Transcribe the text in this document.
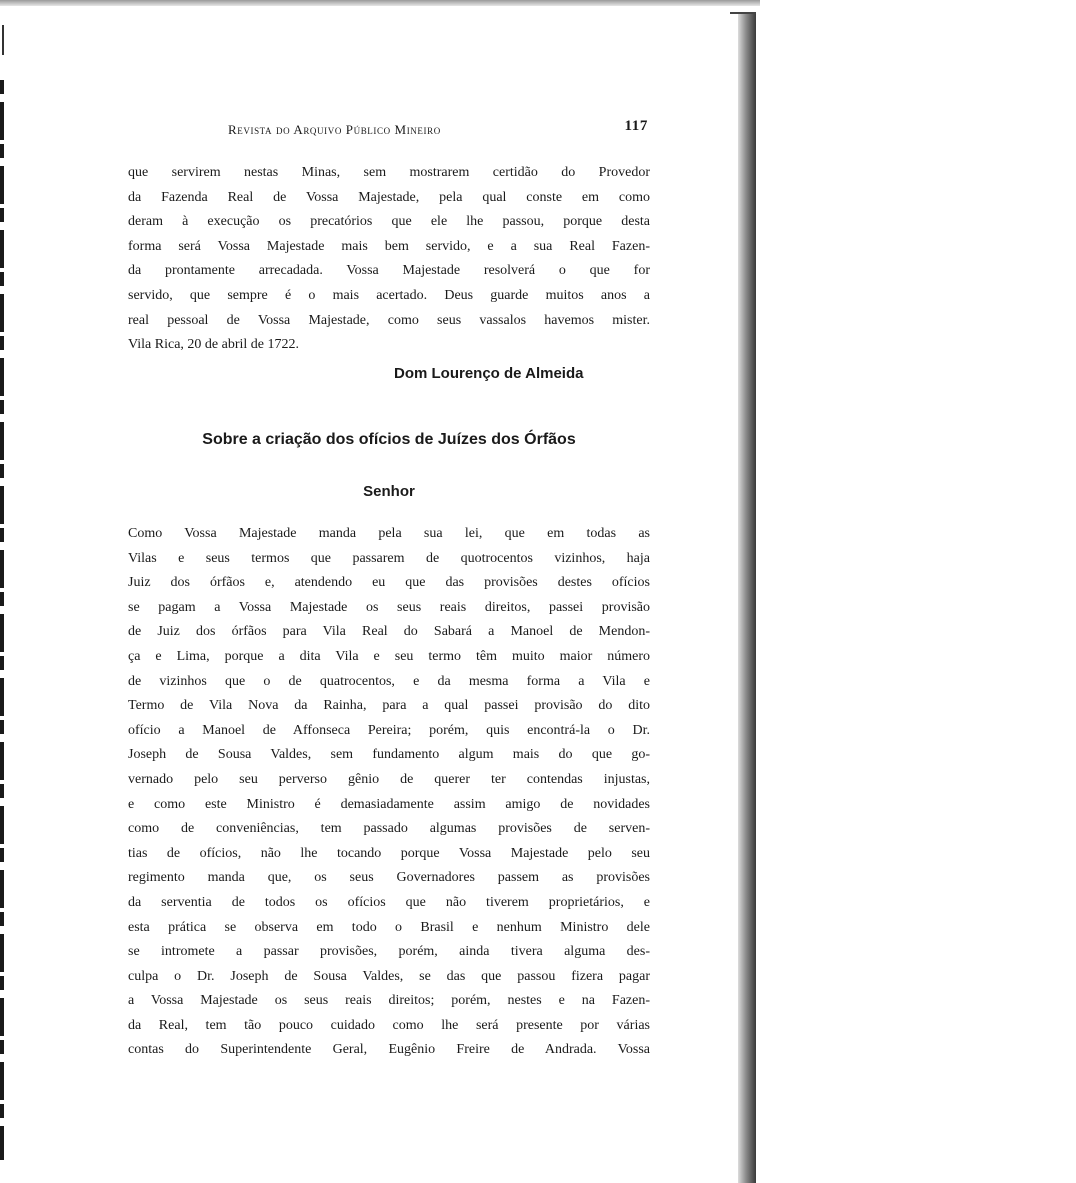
Revista do Arquivo Público Mineiro	117
que servirem nestas Minas, sem mostrarem certidão do Provedor
da Fazenda Real de Vossa Majestade, pela qual conste em como
deram à execução os precatórios que ele lhe passou, porque desta
forma será Vossa Majestade mais bem servido, e a sua Real Fazen-
da prontamente arrecadada. Vossa Majestade resolverá o que for
servido, que sempre é o mais acertado. Deus guarde muitos anos a
real pessoal de Vossa Majestade, como seus vassalos havemos mister.
Vila Rica, 20 de abril de 1722.
Dom Lourenço de Almeida
Sobre a criação dos ofícios de Juízes dos Órfãos
Senhor
Como Vossa Majestade manda pela sua lei, que em todas as
Vilas e seus termos que passarem de quotrocentos vizinhos, haja
Juiz dos órfãos e, atendendo eu que das provisões destes ofícios
se pagam a Vossa Majestade os seus reais direitos, passei provisão
de Juiz dos órfãos para Vila Real do Sabará a Manoel de Mendon-
ça e Lima, porque a dita Vila e seu termo têm muito maior número
de vizinhos que o de quatrocentos, e da mesma forma a Vila e
Termo de Vila Nova da Rainha, para a qual passei provisão do dito
ofício a Manoel de Affonseca Pereira; porém, quis encontrá-la o Dr.
Joseph de Sousa Valdes, sem fundamento algum mais do que go-
vernado pelo seu perverso gênio de querer ter contendas injustas,
e como este Ministro é demasiadamente assim amigo de novidades
como de conveniências, tem passado algumas provisões de serven-
tias de ofícios, não lhe tocando porque Vossa Majestade pelo seu
regimento manda que, os seus Governadores passem as provisões
da serventia de todos os ofícios que não tiverem proprietários, e
esta prática se observa em todo o Brasil e nenhum Ministro dele
se intromete a passar provisões, porém, ainda tivera alguma des-
culpa o Dr. Joseph de Sousa Valdes, se das que passou fizera pagar
a Vossa Majestade os seus reais direitos; porém, nestes e na Fazen-
da Real, tem tão pouco cuidado como lhe será presente por várias
contas do Superintendente Geral, Eugênio Freire de Andrada. Vossa
